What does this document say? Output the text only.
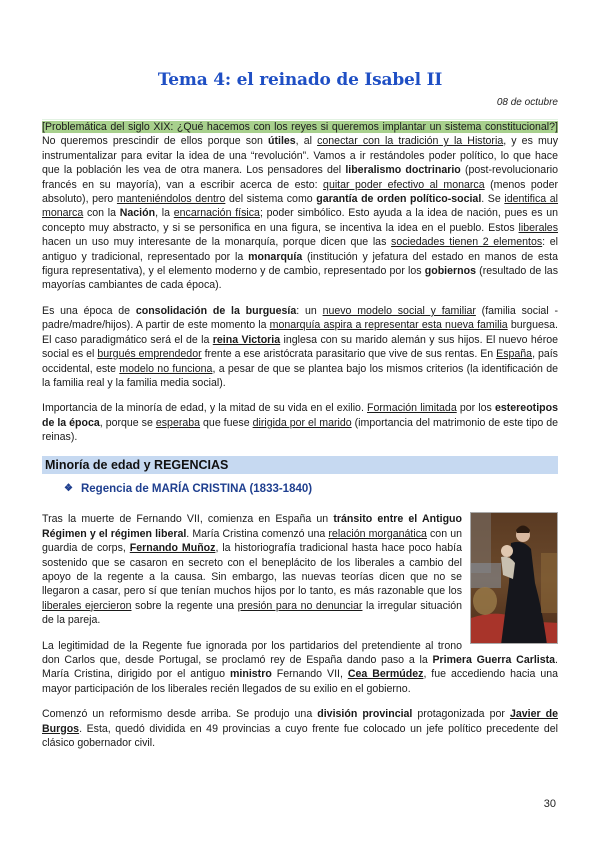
Tema 4: el reinado de Isabel II
08 de octubre

[Problemática del siglo XIX: ¿Qué hacemos con los reyes si queremos implantar un sistema constitucional?] No queremos prescindir de ellos porque son útiles, al conectar con la tradición y la Historia, y es muy instrumentalizar para evitar la idea de una “revolución”. Vamos a ir restándoles poder político, lo que hace que la población les vea de otra manera. Los pensadores del liberalismo doctrinario (post-revolucionario francés en su mayoría), van a escribir acerca de esto: quitar poder efectivo al monarca (menos poder absoluto), pero manteniéndolos dentro del sistema como garantía de orden político-social. Se identifica al monarca con la Nación, la encarnación física; poder simbólico. Esto ayuda a la idea de nación, pues es un concepto muy abstracto, y si se personifica en una figura, se incentiva la idea en el pueblo. Estos liberales hacen un uso muy interesante de la monarquía, porque dicen que las sociedades tienen 2 elementos: el antiguo y tradicional, representado por la monarquía (institución y jefatura del estado en manos de esta figura representativa), y el elemento moderno y de cambio, representado por los gobiernos (resultado de las mayorías cambiantes de cada época).

Es una época de consolidación de la burguesía: un nuevo modelo social y familiar (familia social - padre/madre/hijos). A partir de este momento la monarquía aspira a representar esta nueva familia burguesa. El caso paradigmático será el de la reina Victoria inglesa con su marido alemán y sus hijos. El nuevo héroe social es el burgués emprendedor frente a ese aristócrata parasitario que vive de sus rentas. En España, país occidental, este modelo no funciona, a pesar de que se plantea bajo los mismos criterios (la identificación de la familia real y la familia media social).

Importancia de la minoría de edad, y la mitad de su vida en el exilio. Formación limitada por los estereotipos de la época, porque se esperaba que fuese dirigida por el marido (importancia del matrimonio de este tipo de reinas).

Minoría de edad y REGENCIAS
❖ Regencia de MARÍA CRISTINA (1833-1840)

Tras la muerte de Fernando VII, comienza en España un tránsito entre el Antiguo Régimen y el régimen liberal. María Cristina comenzó una relación morganática con un guardia de corps, Fernando Muñoz, la historiografía tradicional hasta hace poco había sostenido que se casaron en secreto con el beneplácito de los liberales a cambio del apoyo de la regente a la causa. Sin embargo, las nuevas teorías dicen que no se llegaron a casar, pero sí que tenían muchos hijos por lo tanto, es más razonable que los liberales ejercieron sobre la regente una presión para no denunciar la irregular situación de la pareja.

La legitimidad de la Regente fue ignorada por los partidarios del pretendiente al trono don Carlos que, desde Portugal, se proclamó rey de España dando paso a la Primera Guerra Carlista. María Cristina, dirigido por el antiguo ministro Fernando VII, Cea Bermúdez, fue accediendo hacia una mayor participación de los liberales recién llegados de su exilio en el gobierno.

Comenzó un reformismo desde arriba. Se produjo una división provincial protagonizada por Javier de Burgos. Esta, quedó dividida en 49 provincias a cuyo frente fue colocado un jefe político precedente del clásico gobernador civil.

30
